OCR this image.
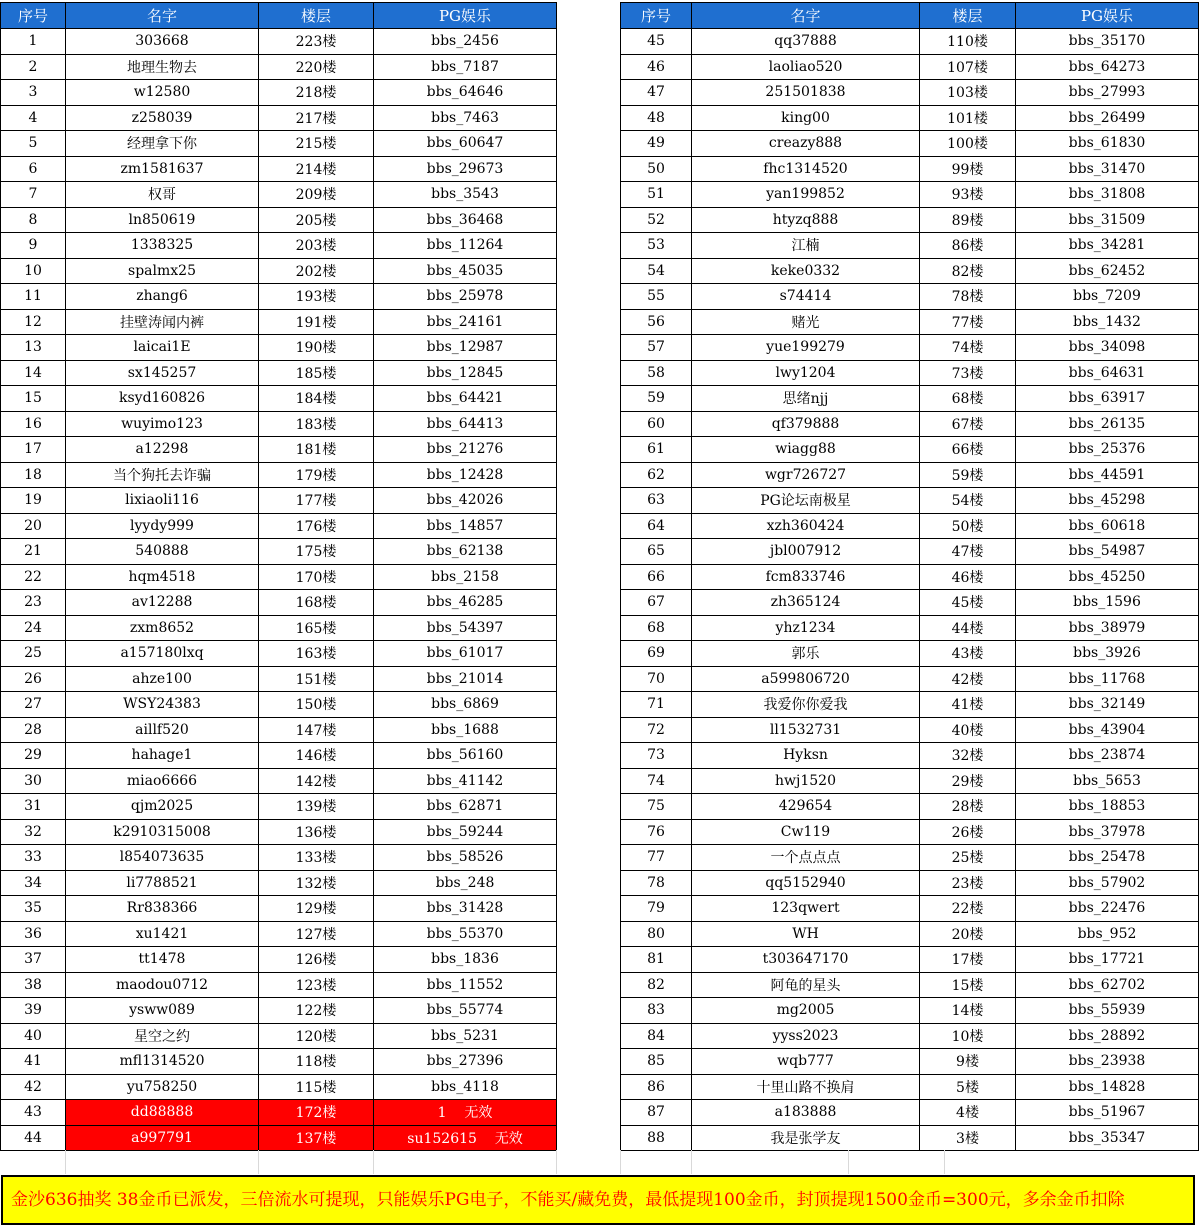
序号	名字	楼层	PG娱乐
1	303668	223楼	bbs_2456
2	地理生物去	220楼	bbs_7187
3	w12580	218楼	bbs_64646
4	z258039	217楼	bbs_7463
5	经理拿下你	215楼	bbs_60647
6	zm1581637	214楼	bbs_29673
7	权哥	209楼	bbs_3543
8	ln850619	205楼	bbs_36468
9	1338325	203楼	bbs_11264
10	spalmx25	202楼	bbs_45035
11	zhang6	193楼	bbs_25978
12	挂壁涛闻内裤	191楼	bbs_24161
13	laicai1E	190楼	bbs_12987
14	sx145257	185楼	bbs_12845
15	ksyd160826	184楼	bbs_64421
16	wuyimo123	183楼	bbs_64413
17	a12298	181楼	bbs_21276
18	当个狗托去诈骗	179楼	bbs_12428
19	lixiaoli116	177楼	bbs_42026
20	lyydy999	176楼	bbs_14857
21	540888	175楼	bbs_62138
22	hqm4518	170楼	bbs_2158
23	av12288	168楼	bbs_46285
24	zxm8652	165楼	bbs_54397
25	a157180lxq	163楼	bbs_61017
26	ahze100	151楼	bbs_21014
27	WSY24383	150楼	bbs_6869
28	aillf520	147楼	bbs_1688
29	hahage1	146楼	bbs_56160
30	miao6666	142楼	bbs_41142
31	qjm2025	139楼	bbs_62871
32	k2910315008	136楼	bbs_59244
33	l854073635	133楼	bbs_58526
34	li7788521	132楼	bbs_248
35	Rr838366	129楼	bbs_31428
36	xu1421	127楼	bbs_55370
37	tt1478	126楼	bbs_1836
38	maodou0712	123楼	bbs_11552
39	ysww089	122楼	bbs_55774
40	星空之约	120楼	bbs_5231
41	mfl1314520	118楼	bbs_27396
42	yu758250	115楼	bbs_4118
43	dd88888	172楼	1    无效
44	a997791	137楼	su152615    无效
序号	名字	楼层	PG娱乐
45	qq37888	110楼	bbs_35170
46	laoliao520	107楼	bbs_64273
47	251501838	103楼	bbs_27993
48	king00	101楼	bbs_26499
49	creazy888	100楼	bbs_61830
50	fhc1314520	99楼	bbs_31470
51	yan199852	93楼	bbs_31808
52	htyzq888	89楼	bbs_31509
53	江楠	86楼	bbs_34281
54	keke0332	82楼	bbs_62452
55	s74414	78楼	bbs_7209
56	赌光	77楼	bbs_1432
57	yue199279	74楼	bbs_34098
58	lwy1204	73楼	bbs_64631
59	思绪njj	68楼	bbs_63917
60	qf379888	67楼	bbs_26135
61	wiagg88	66楼	bbs_25376
62	wgr726727	59楼	bbs_44591
63	PG论坛南极星	54楼	bbs_45298
64	xzh360424	50楼	bbs_60618
65	jbl007912	47楼	bbs_54987
66	fcm833746	46楼	bbs_45250
67	zh365124	45楼	bbs_1596
68	yhz1234	44楼	bbs_38979
69	郭乐	43楼	bbs_3926
70	a599806720	42楼	bbs_11768
71	我爱你你爱我	41楼	bbs_32149
72	ll1532731	40楼	bbs_43904
73	Hyksn	32楼	bbs_23874
74	hwj1520	29楼	bbs_5653
75	429654	28楼	bbs_18853
76	Cw119	26楼	bbs_37978
77	一个点点点	25楼	bbs_25478
78	qq5152940	23楼	bbs_57902
79	123qwert	22楼	bbs_22476
80	WH	20楼	bbs_952
81	t303647170	17楼	bbs_17721
82	阿龟的星头	15楼	bbs_62702
83	mg2005	14楼	bbs_55939
84	yyss2023	10楼	bbs_28892
85	wqb777	9楼	bbs_23938
86	十里山路不换肩	5楼	bbs_14828
87	a183888	4楼	bbs_51967
88	我是张学友	3楼	bbs_35347
金沙636抽奖 38金币已派发，三倍流水可提现，只能娱乐PG电子，不能买/藏免费，最低提现100金币，封顶提现1500金币=300元，多余金币扣除
